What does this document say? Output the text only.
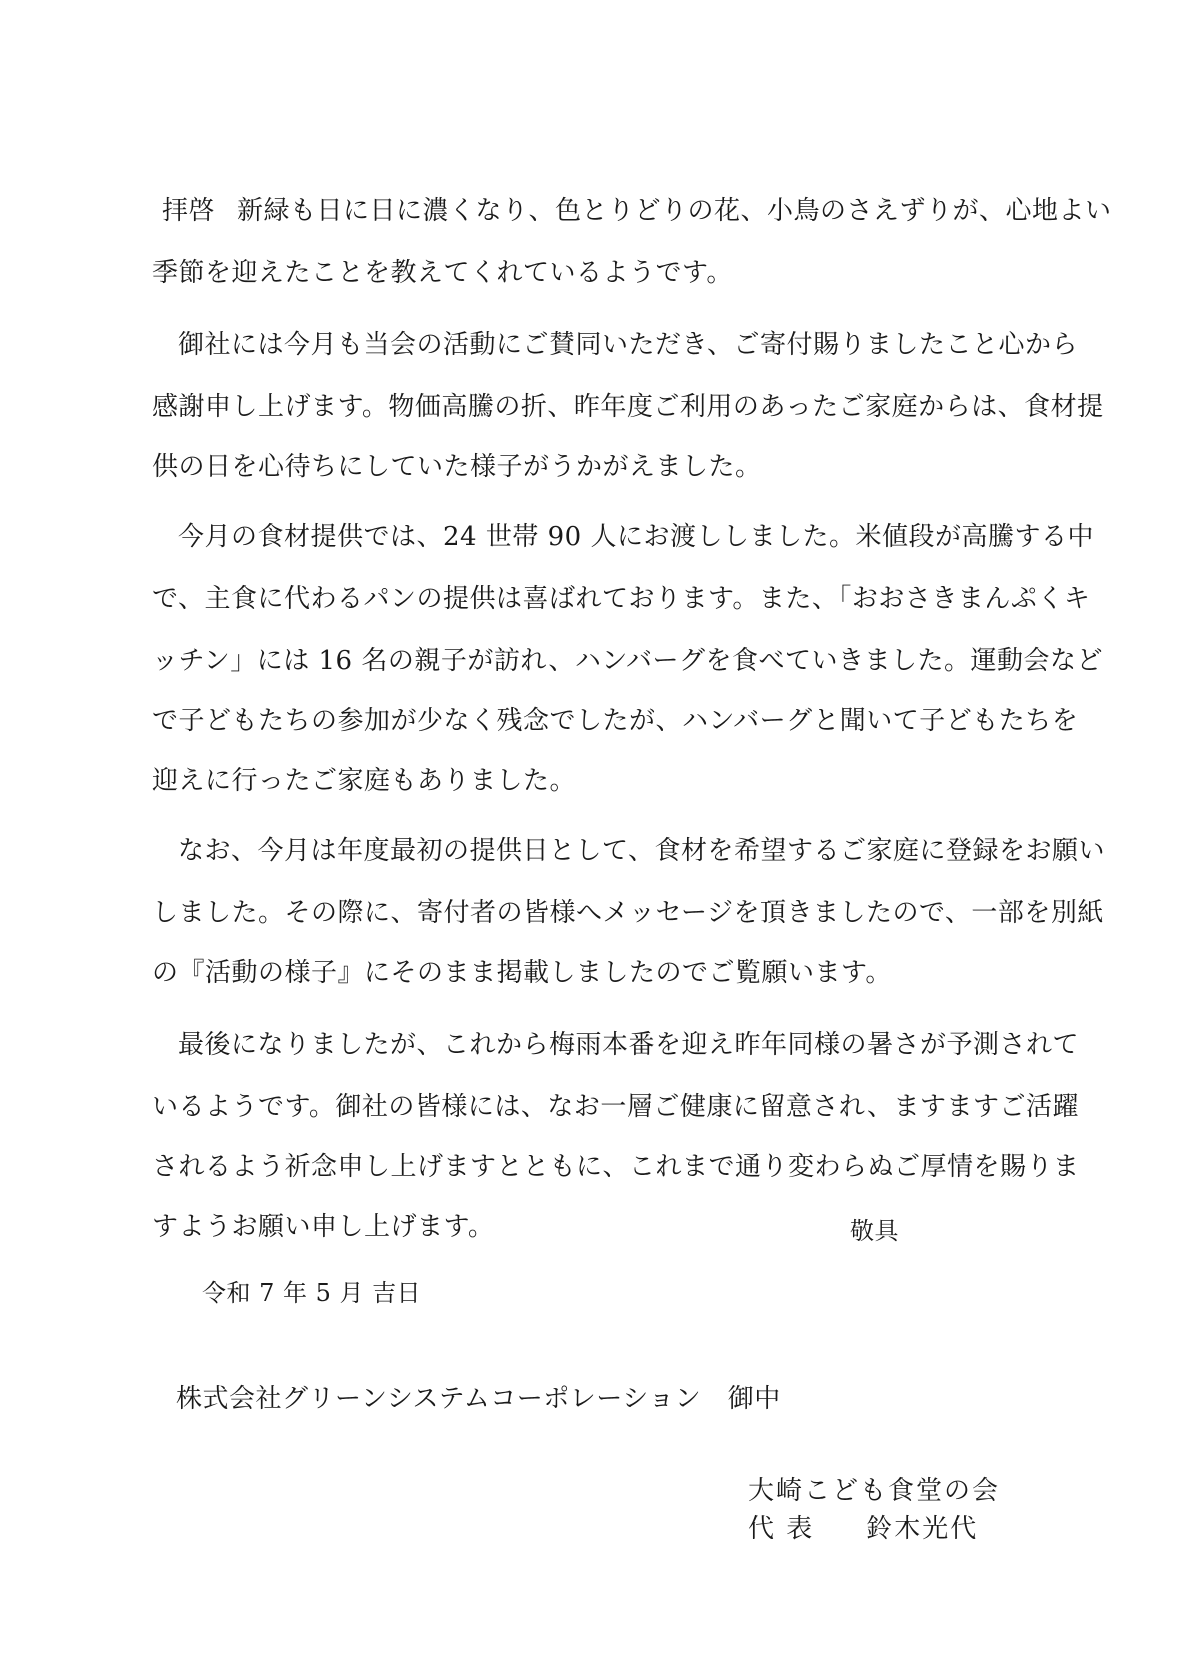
拝啓 新緑も日に日に濃くなり、色とりどりの花、小鳥のさえずりが、心地よい
季節を迎えたことを教えてくれているようです。
御社には今月も当会の活動にご賛同いただき、ご寄付賜りましたこと心から
感謝申し上げます。物価高騰の折、昨年度ご利用のあったご家庭からは、食材提
供の日を心待ちにしていた様子がうかがえました。
今月の食材提供では、24 世帯 90 人にお渡ししました。米値段が高騰する中
で、主食に代わるパンの提供は喜ばれております。また、「おおさきまんぷくキ
ッチン」には 16 名の親子が訪れ、ハンバーグを食べていきました。運動会など
で子どもたちの参加が少なく残念でしたが、ハンバーグと聞いて子どもたちを
迎えに行ったご家庭もありました。
なお、今月は年度最初の提供日として、食材を希望するご家庭に登録をお願い
しました。その際に、寄付者の皆様へメッセージを頂きましたので、一部を別紙
の『活動の様子』にそのまま掲載しましたのでご覧願います。
最後になりましたが、これから梅雨本番を迎え昨年同様の暑さが予測されて
いるようです。御社の皆様には、なお一層ご健康に留意され、ますますご活躍
されるよう祈念申し上げますとともに、これまで通り変わらぬご厚情を賜りま
すようお願い申し上げます。	敬具
令和 7 年 5 月 吉日
株式会社グリーンシステムコーポレーション　御中
大崎こども食堂の会
代 表 鈴木光代
